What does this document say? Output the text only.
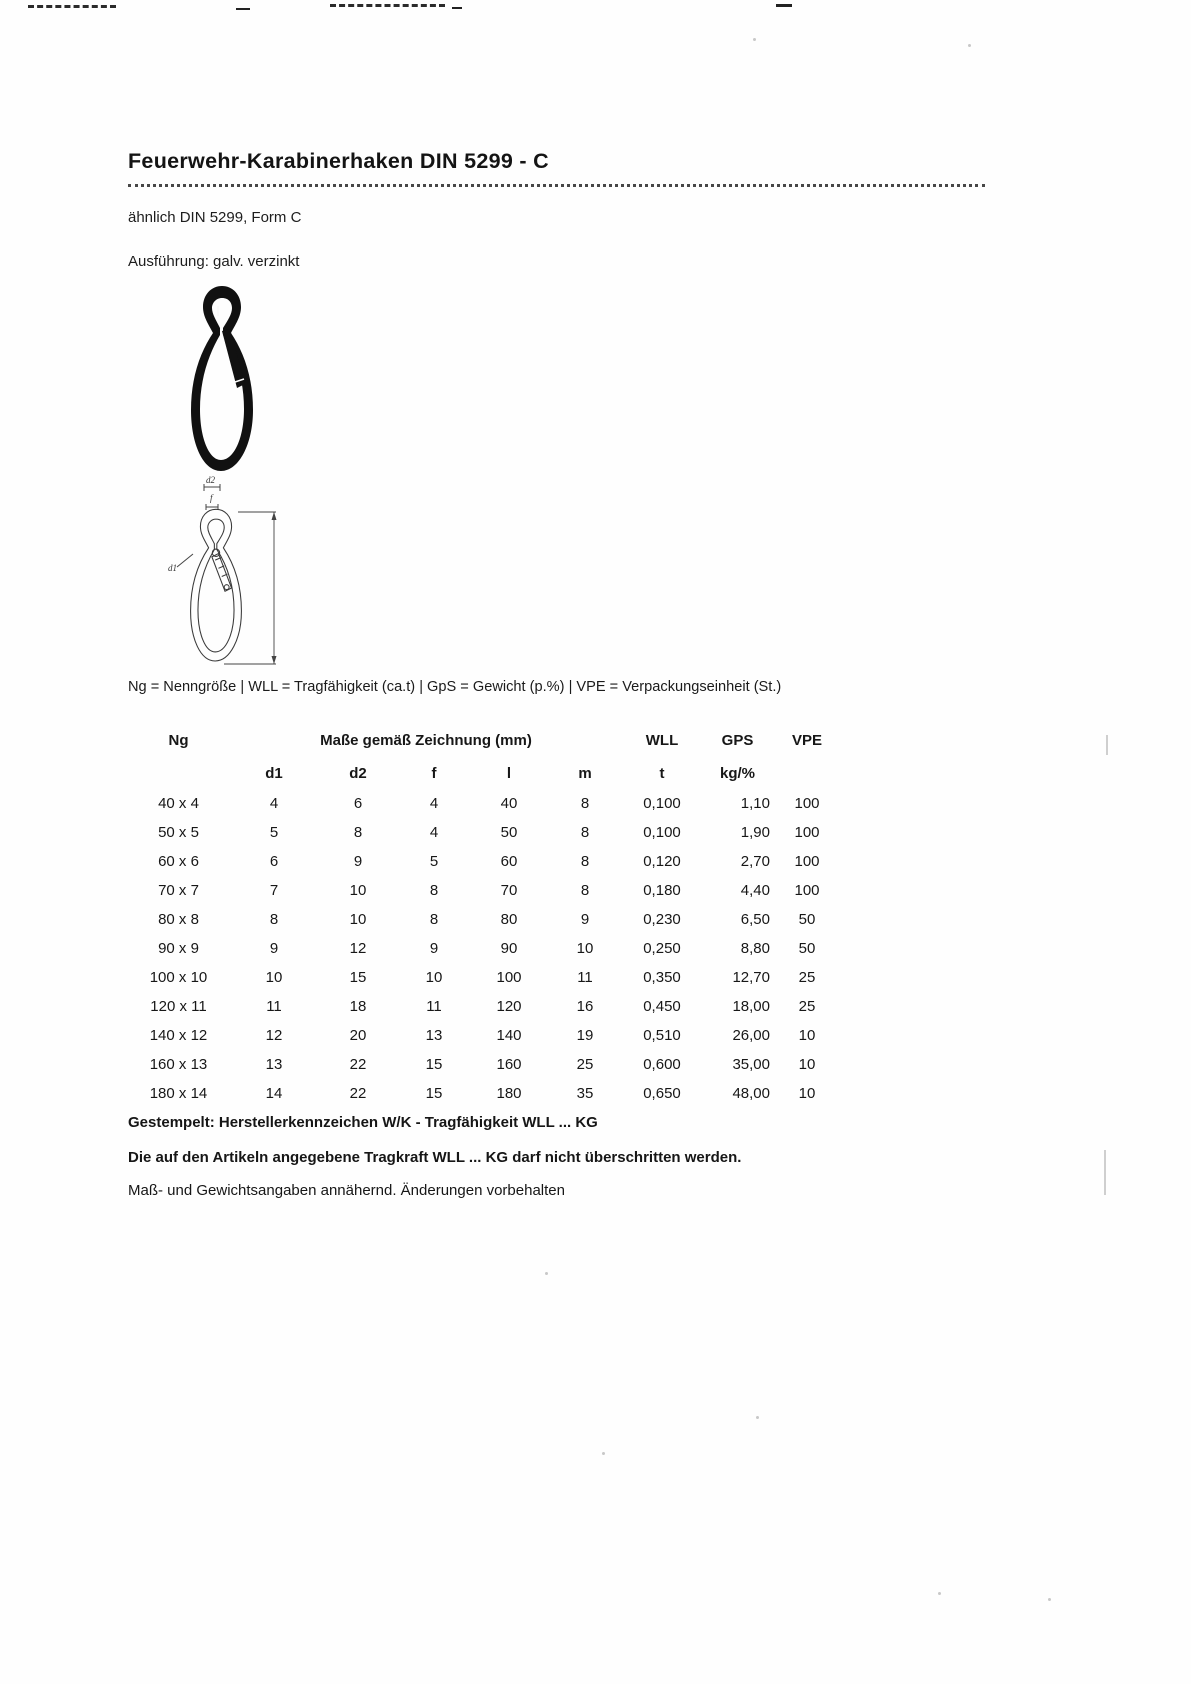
Feuerwehr-Karabinerhaken DIN 5299 - C
ähnlich DIN 5299, Form C
Ausführung: galv. verzinkt
d2
f
d1
Ng = Nenngröße | WLL = Tragfähigkeit (ca.t) | GpS = Gewicht (p.%) | VPE = Verpackungseinheit (St.)
Ng	Maße gemäß Zeichnung (mm)					WLL	GPS	VPE
	d1	d2	f	l	m	t	kg/%	
40 x 4	4	6	4	40	8	0,100	1,10	100
50 x 5	5	8	4	50	8	0,100	1,90	100
60 x 6	6	9	5	60	8	0,120	2,70	100
70 x 7	7	10	8	70	8	0,180	4,40	100
80 x 8	8	10	8	80	9	0,230	6,50	50
90 x 9	9	12	9	90	10	0,250	8,80	50
100 x 10	10	15	10	100	11	0,350	12,70	25
120 x 11	11	18	11	120	16	0,450	18,00	25
140 x 12	12	20	13	140	19	0,510	26,00	10
160 x 13	13	22	15	160	25	0,600	35,00	10
180 x 14	14	22	15	180	35	0,650	48,00	10
Gestempelt: Herstellerkennzeichen W/K - Tragfähigkeit WLL ... KG
Die auf den Artikeln angegebene Tragkraft WLL ... KG darf nicht überschritten werden.
Maß- und Gewichtsangaben annähernd. Änderungen vorbehalten
